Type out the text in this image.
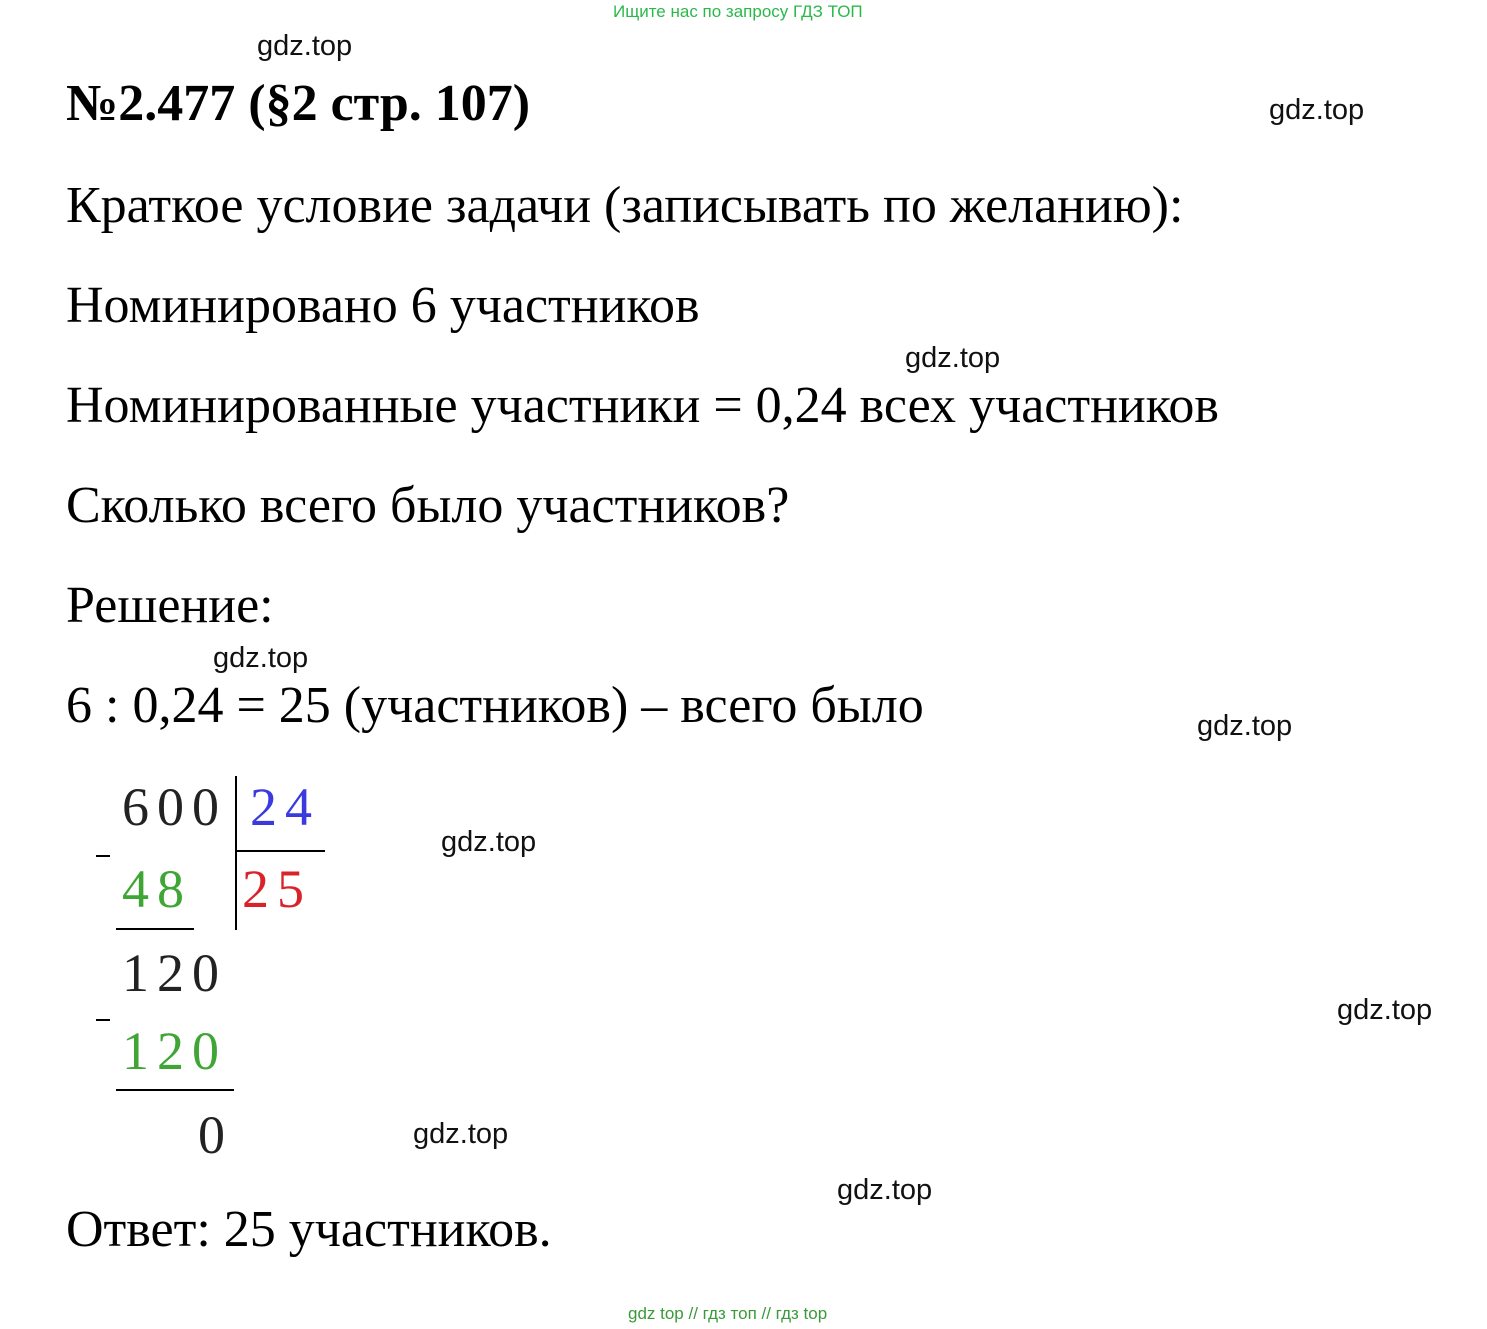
Ищите нас по запросу ГДЗ ТОП
gdz top // гдз топ // гдз top
gdz.top
gdz.top
gdz.top
gdz.top
gdz.top
gdz.top
gdz.top
gdz.top
gdz.top
№2.477 (§2 стр. 107)
Краткое условие задачи (записывать по желанию):
Номинировано 6 участников
Номинированные участники = 0,24 всех участников
Сколько всего было участников?
Решение:
6 : 0,24 = 25 (участников) – всего было
600 24
48 25
120
120
0
Ответ: 25 участников.
